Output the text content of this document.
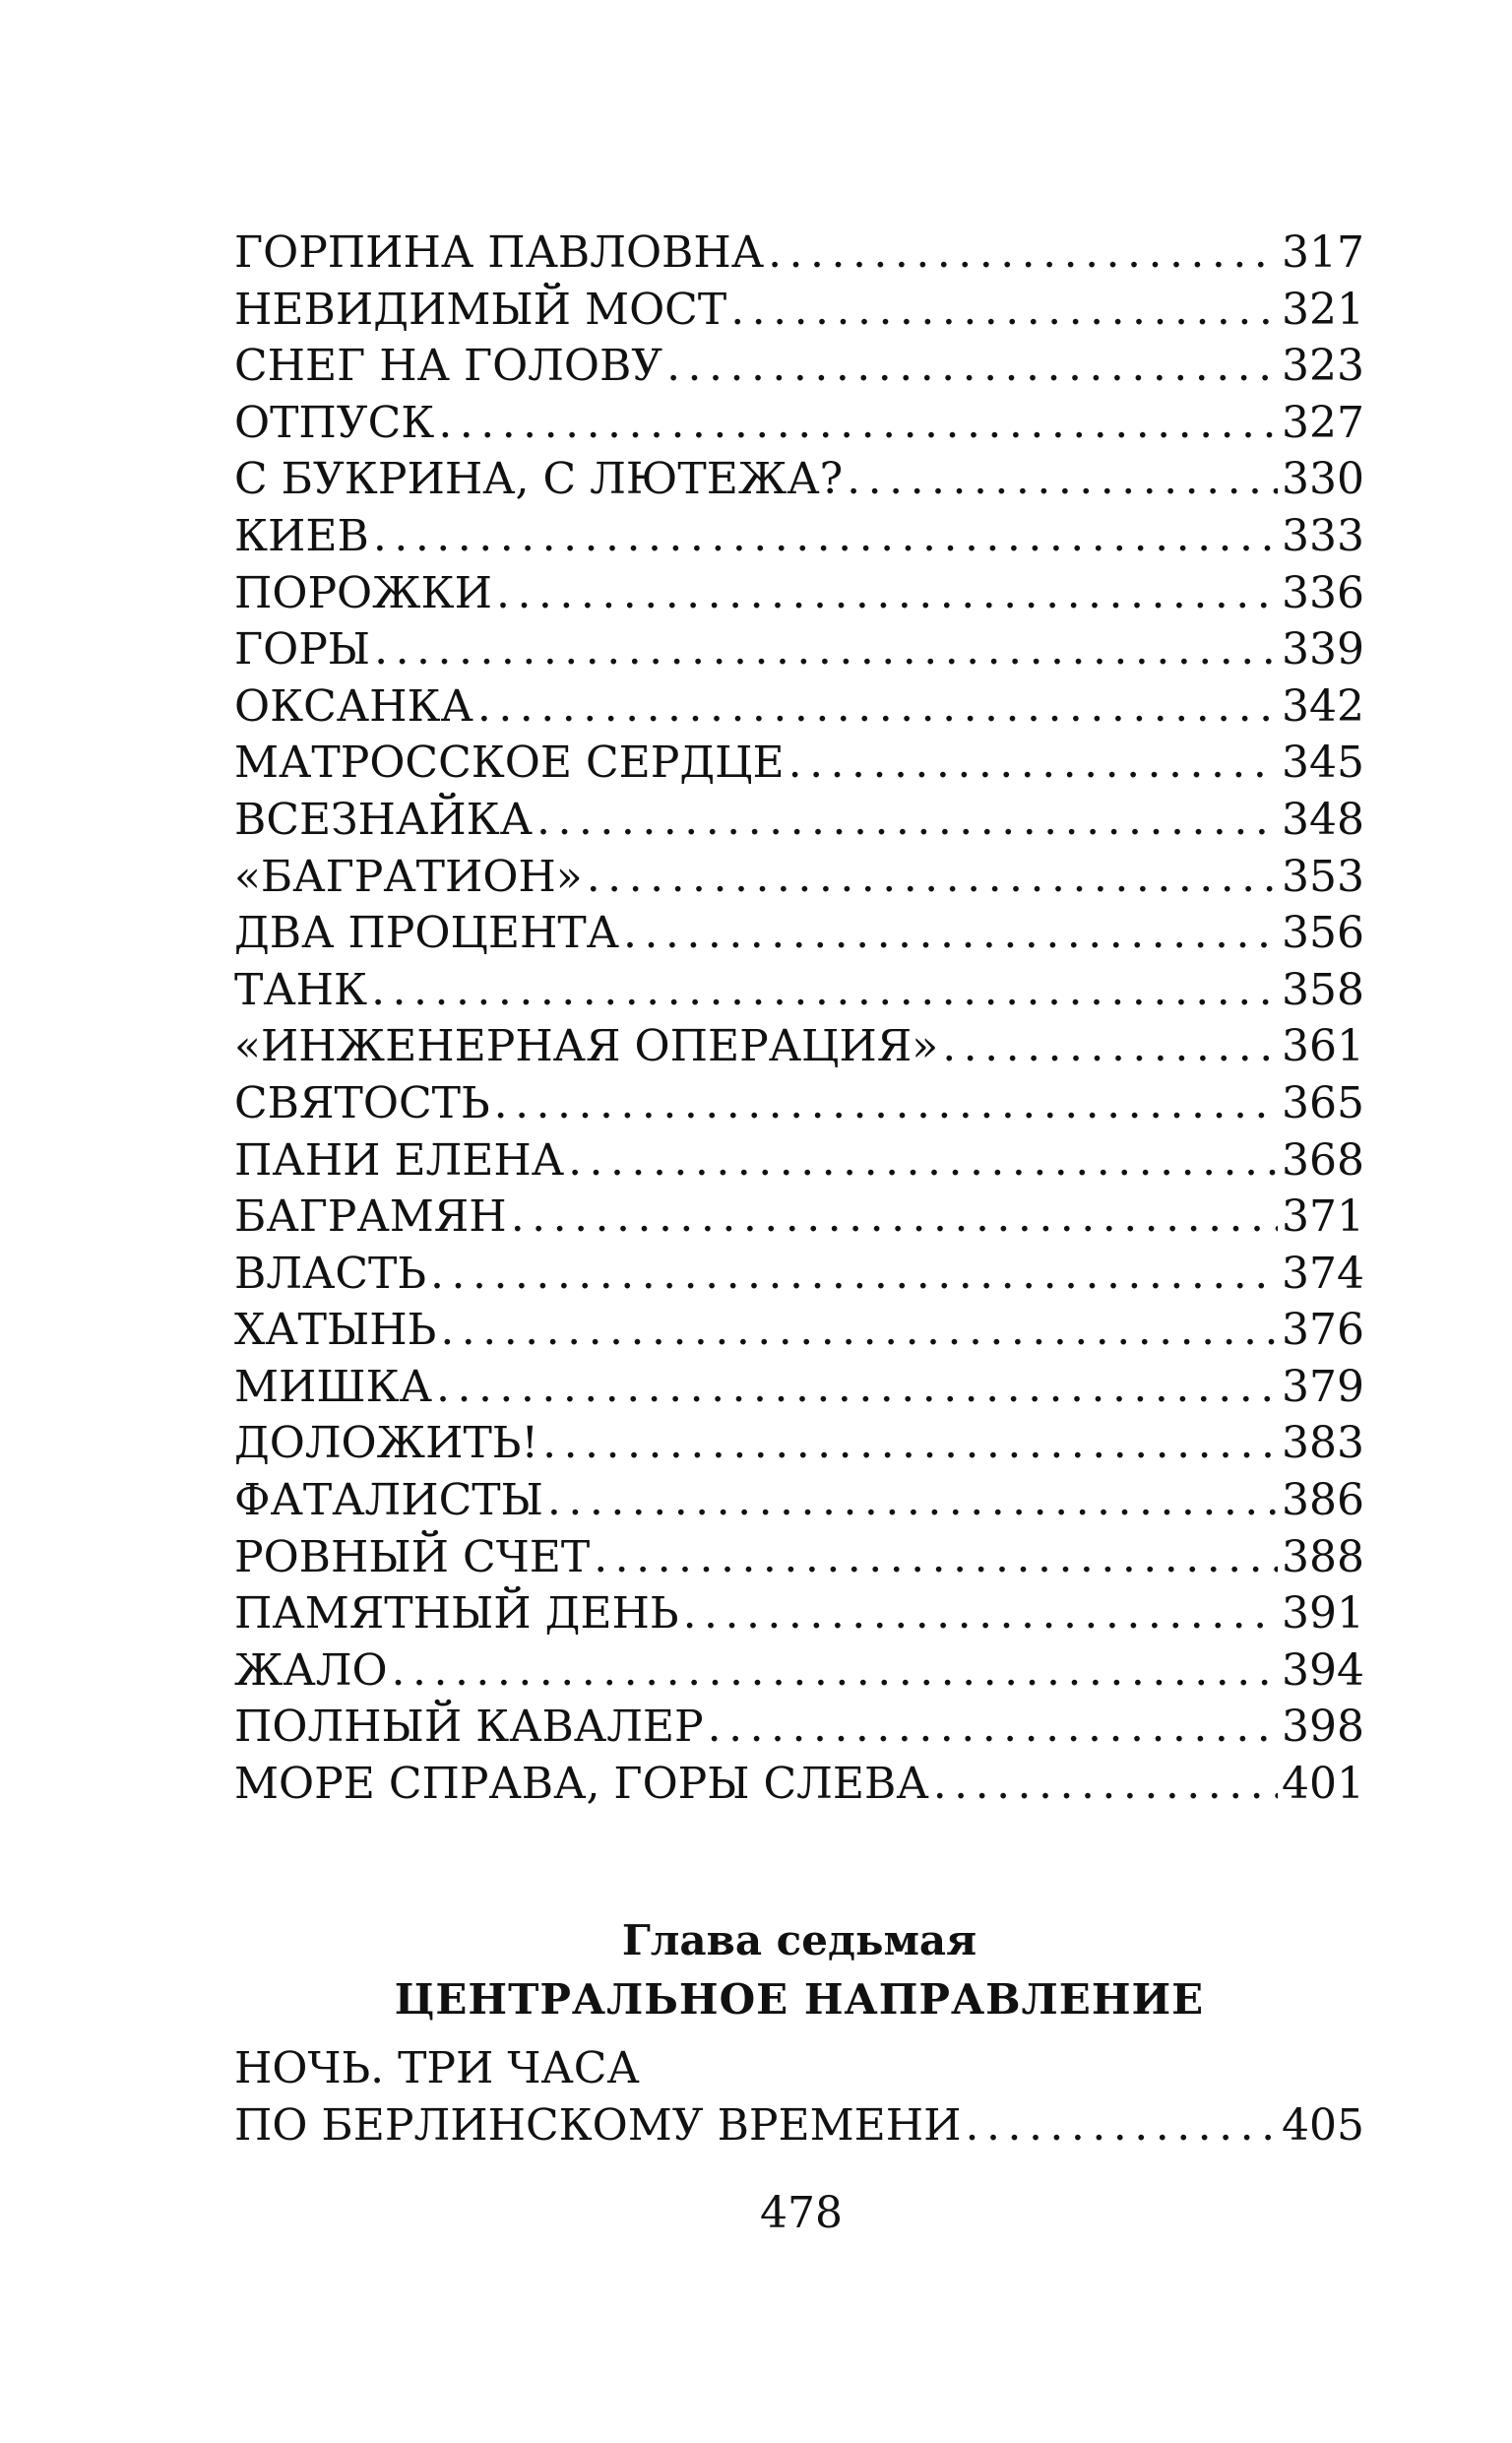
ГОРПИНА ПАВЛОВНА .....	317
НЕВИДИМЫЙ МОСТ .....	321
СНЕГ НА ГОЛОВУ .....	323
ОТПУСК .....	327
С БУКРИНА, С ЛЮТЕЖА? .....	330
КИЕВ .....	333
ПОРОЖКИ .....	336
ГОРЫ .....	339
ОКСАНКА .....	342
МАТРОССКОЕ СЕРДЦЕ .....	345
ВСЕЗНАЙКА .....	348
«БАГРАТИОН» .....	353
ДВА ПРОЦЕНТА .....	356
ТАНК .....	358
«ИНЖЕНЕРНАЯ ОПЕРАЦИЯ» .....	361
СВЯТОСТЬ .....	365
ПАНИ ЕЛЕНА .....	368
БАГРАМЯН .....	371
ВЛАСТЬ .....	374
ХАТЫНЬ .....	376
МИШКА .....	379
ДОЛОЖИТЬ! .....	383
ФАТАЛИСТЫ .....	386
РОВНЫЙ СЧЕТ .....	388
ПАМЯТНЫЙ ДЕНЬ .....	391
ЖАЛО .....	394
ПОЛНЫЙ КАВАЛЕР .....	398
МОРЕ СПРАВА, ГОРЫ СЛЕВА .....	401
Глава седьмая
ЦЕНТРАЛЬНОЕ НАПРАВЛЕНИЕ
НОЧЬ. ТРИ ЧАСА
ПО БЕРЛИНСКОМУ ВРЕМЕНИ .....	405
478
